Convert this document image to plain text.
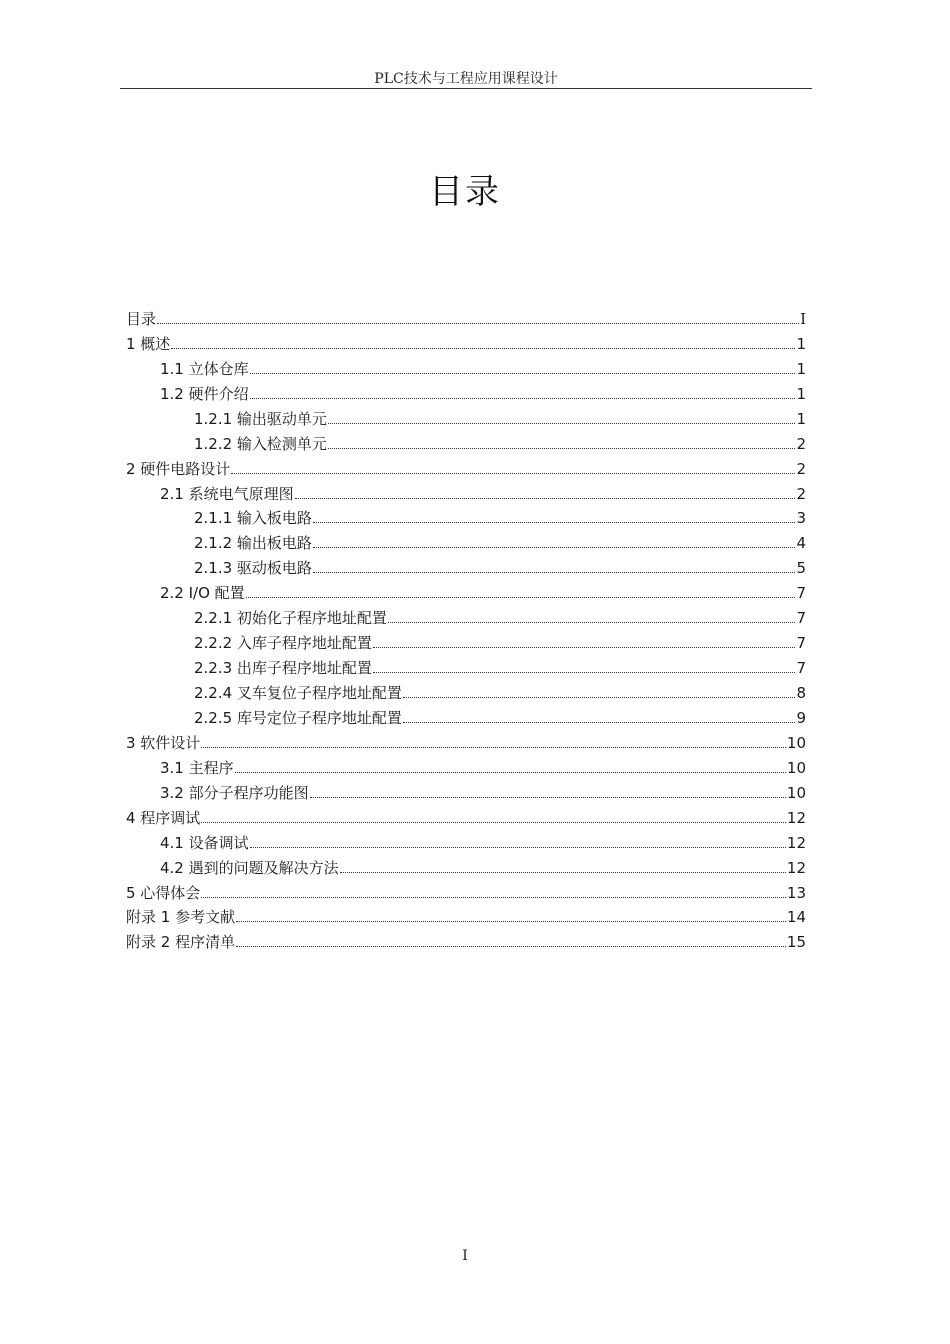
PLC技术与工程应用课程设计
目录
目录	I
1 概述	1
1.1 立体仓库	1
1.2 硬件介绍	1
1.2.1 输出驱动单元	1
1.2.2 输入检测单元	2
2 硬件电路设计	2
2.1 系统电气原理图	2
2.1.1 输入板电路	3
2.1.2 输出板电路	4
2.1.3 驱动板电路	5
2.2 I/O 配置	7
2.2.1 初始化子程序地址配置	7
2.2.2 入库子程序地址配置	7
2.2.3 出库子程序地址配置	7
2.2.4 叉车复位子程序地址配置	8
2.2.5 库号定位子程序地址配置	9
3 软件设计	10
3.1 主程序	10
3.2 部分子程序功能图	10
4 程序调试	12
4.1 设备调试	12
4.2 遇到的问题及解决方法	12
5 心得体会	13
附录 1 参考文献	14
附录 2 程序清单	15
I
